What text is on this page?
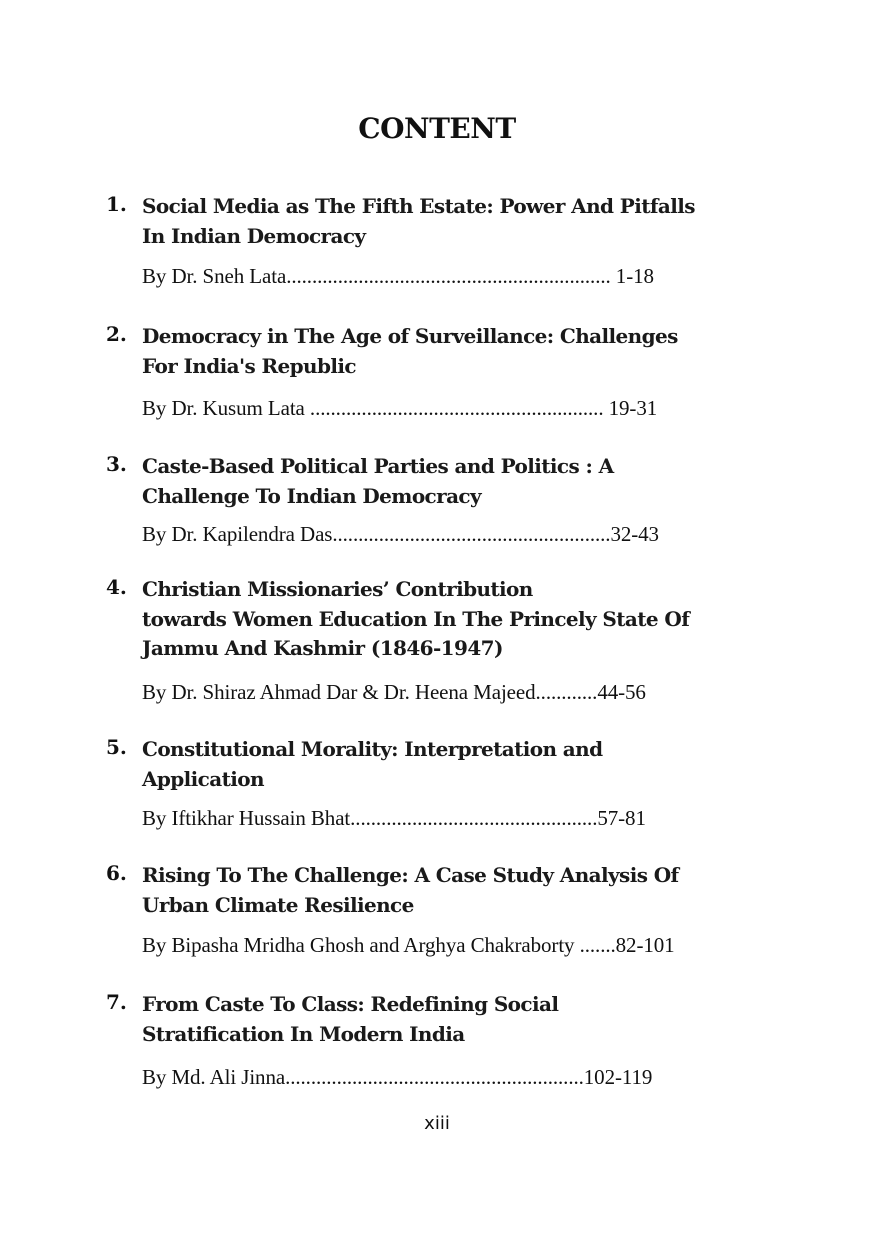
CONTENT
1. Social Media as The Fifth Estate: Power And Pitfalls
In Indian Democracy
By Dr. Sneh Lata............................................................... 1-18
2. Democracy in The Age of Surveillance: Challenges
For India's Republic
By Dr. Kusum Lata ......................................................... 19-31
3. Caste-Based Political Parties and Politics : A
Challenge To Indian Democracy
By Dr. Kapilendra Das......................................................32-43
4. Christian Missionaries’ Contribution
towards Women Education In The Princely State Of
Jammu And Kashmir (1846-1947)
By Dr. Shiraz Ahmad Dar & Dr. Heena Majeed............44-56
5. Constitutional Morality: Interpretation and
Application
By Iftikhar Hussain Bhat................................................57-81
6. Rising To The Challenge: A Case Study Analysis Of
Urban Climate Resilience
By Bipasha Mridha Ghosh and Arghya Chakraborty .......82-101
7. From Caste To Class: Redefining Social
Stratification In Modern India
By Md. Ali Jinna..........................................................102-119
xiii
